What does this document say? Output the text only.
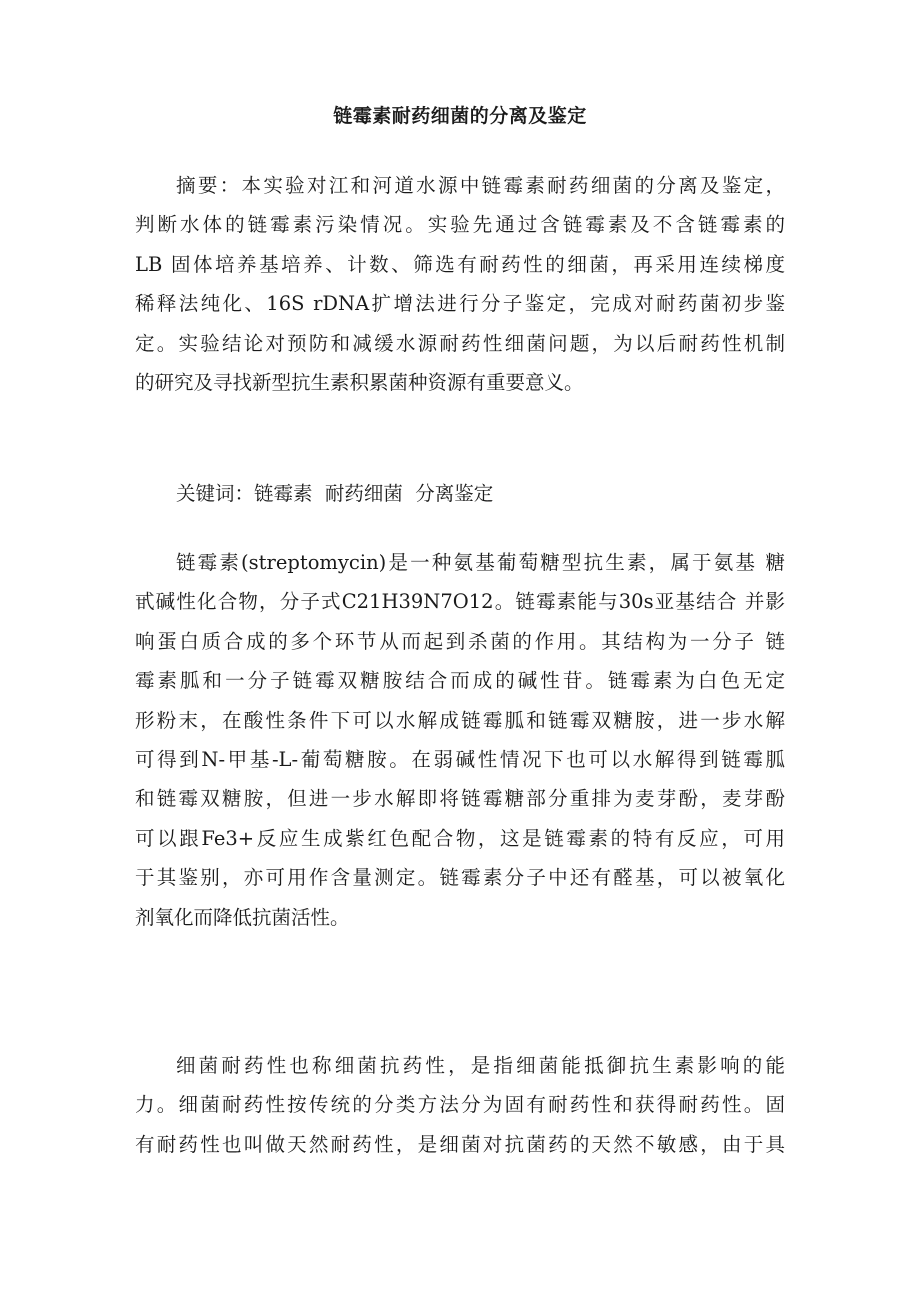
链霉素耐药细菌的分离及鉴定
摘要：本实验对江和河道水源中链霉素耐药细菌的分离及鉴定，
判断水体的链霉素污染情况。实验先通过含链霉素及不含链霉素的
LB 固体培养基培养、计数、筛选有耐药性的细菌，再采用连续梯度
稀释法纯化、16S rDNA扩增法进行分子鉴定，完成对耐药菌初步鉴
定。实验结论对预防和减缓水源耐药性细菌问题，为以后耐药性机制
的研究及寻找新型抗生素积累菌种资源有重要意义。
关键词：链霉素  耐药细菌  分离鉴定
链霉素(streptomycin)是一种氨基葡萄糖型抗生素，属于氨基 糖
甙碱性化合物，分子式C21H39N7O12。链霉素能与30s亚基结合 并影
响蛋白质合成的多个环节从而起到杀菌的作用。其结构为一分子 链
霉素胍和一分子链霉双糖胺结合而成的碱性苷。链霉素为白色无定
形粉末，在酸性条件下可以水解成链霉胍和链霉双糖胺，进一步水解
可得到N-甲基-L-葡萄糖胺。在弱碱性情况下也可以水解得到链霉胍
和链霉双糖胺，但进一步水解即将链霉糖部分重排为麦芽酚，麦芽酚
可以跟Fe3+反应生成紫红色配合物，这是链霉素的特有反应，可用
于其鉴别，亦可用作含量测定。链霉素分子中还有醛基，可以被氧化
剂氧化而降低抗菌活性。
细菌耐药性也称细菌抗药性，是指细菌能抵御抗生素影响的能
力。细菌耐药性按传统的分类方法分为固有耐药性和获得耐药性。固
有耐药性也叫做天然耐药性，是细菌对抗菌药的天然不敏感，由于具
